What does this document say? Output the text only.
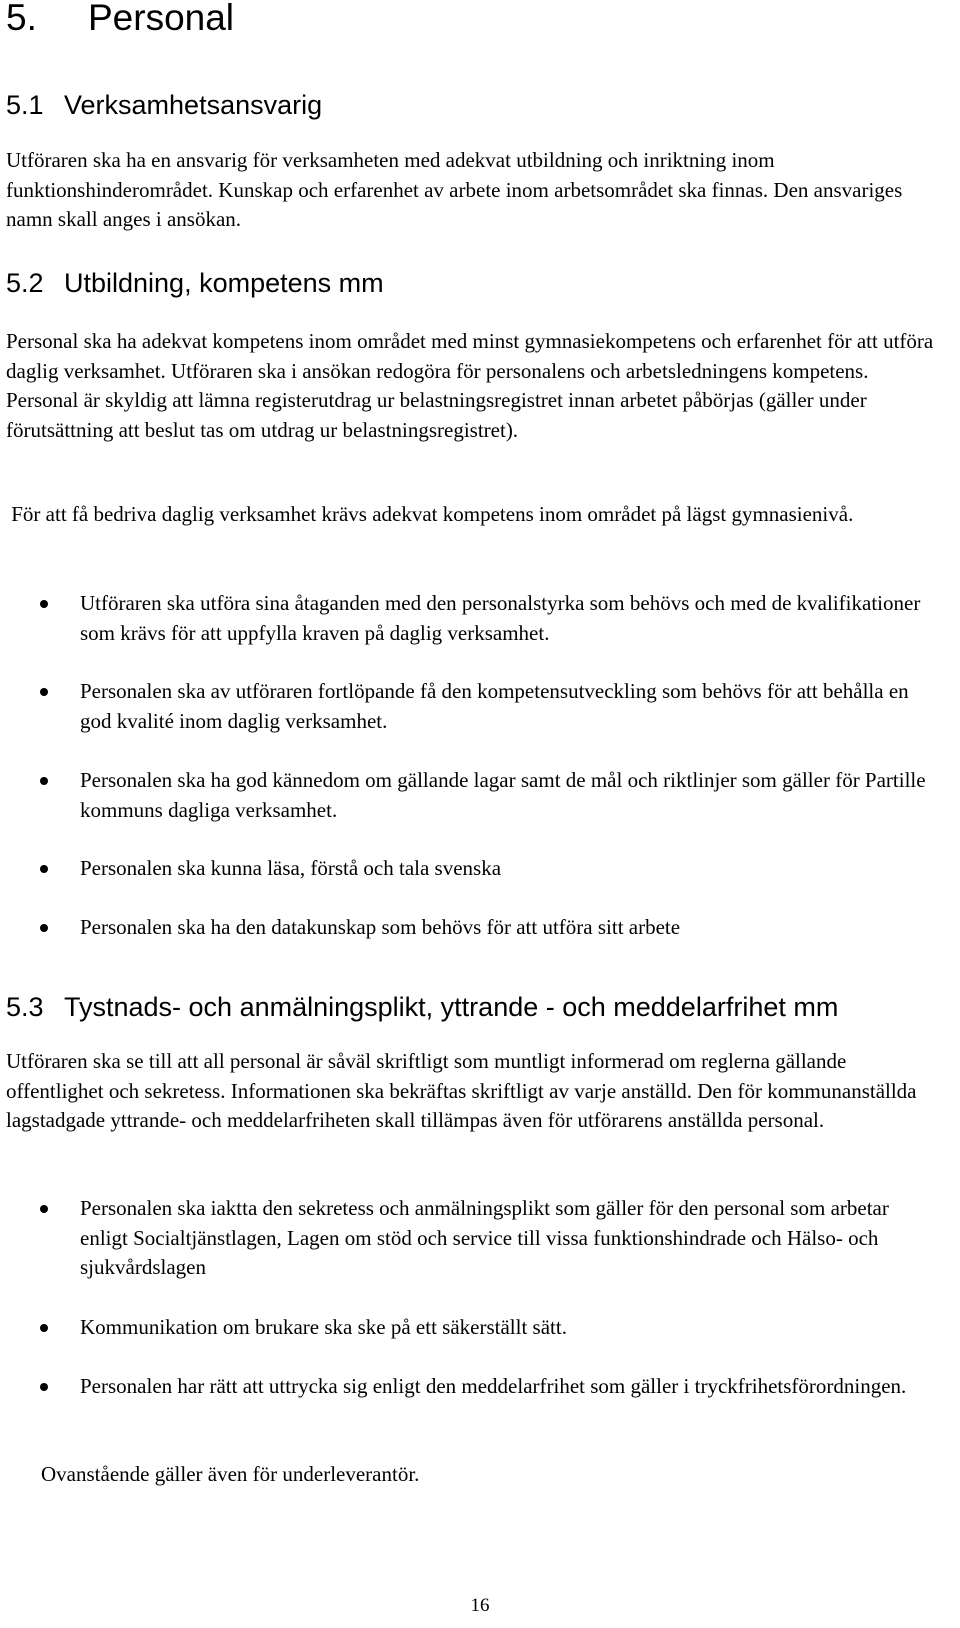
5. Personal
5.1 Verksamhetsansvarig

Utföraren ska ha en ansvarig för verksamheten med adekvat utbildning och inriktning inom funktionshinderområdet. Kunskap och erfarenhet av arbete inom arbetsområdet ska finnas. Den ansvariges namn skall anges i ansökan.

5.2 Utbildning, kompetens mm

Personal ska ha adekvat kompetens inom området med minst gymnasiekompetens och erfarenhet för att utföra daglig verksamhet. Utföraren ska i ansökan redogöra för personalens och arbetsledningens kompetens. Personal är skyldig att lämna registerutdrag ur belastningsregistret innan arbetet påbörjas (gäller under förutsättning att beslut tas om utdrag ur belastningsregistret).

För att få bedriva daglig verksamhet krävs adekvat kompetens inom området på lägst gymnasienivå.

Utföraren ska utföra sina åtaganden med den personalstyrka som behövs och med de kvalifikationer som krävs för att uppfylla kraven på daglig verksamhet.

Personalen ska av utföraren fortlöpande få den kompetensutveckling som behövs för att behålla en god kvalité inom daglig verksamhet.

Personalen ska ha god kännedom om gällande lagar samt de mål och riktlinjer som gäller för Partille kommuns dagliga verksamhet.

Personalen ska kunna läsa, förstå och tala svenska

Personalen ska ha den datakunskap som behövs för att utföra sitt arbete

5.3 Tystnads- och anmälningsplikt, yttrande - och meddelarfrihet mm

Utföraren ska se till att all personal är såväl skriftligt som muntligt informerad om reglerna gällande offentlighet och sekretess. Informationen ska bekräftas skriftligt av varje anställd. Den för kommunanställda lagstadgade yttrande- och meddelarfriheten skall tillämpas även för utförarens anställda personal.

Personalen ska iaktta den sekretess och anmälningsplikt som gäller för den personal som arbetar enligt Socialtjänstlagen, Lagen om stöd och service till vissa funktionshindrade och Hälso- och sjukvårdslagen

Kommunikation om brukare ska ske på ett säkerställt sätt.

Personalen har rätt att uttrycka sig enligt den meddelarfrihet som gäller i tryckfrihetsförordningen.

Ovanstående gäller även för underleverantör.

16
